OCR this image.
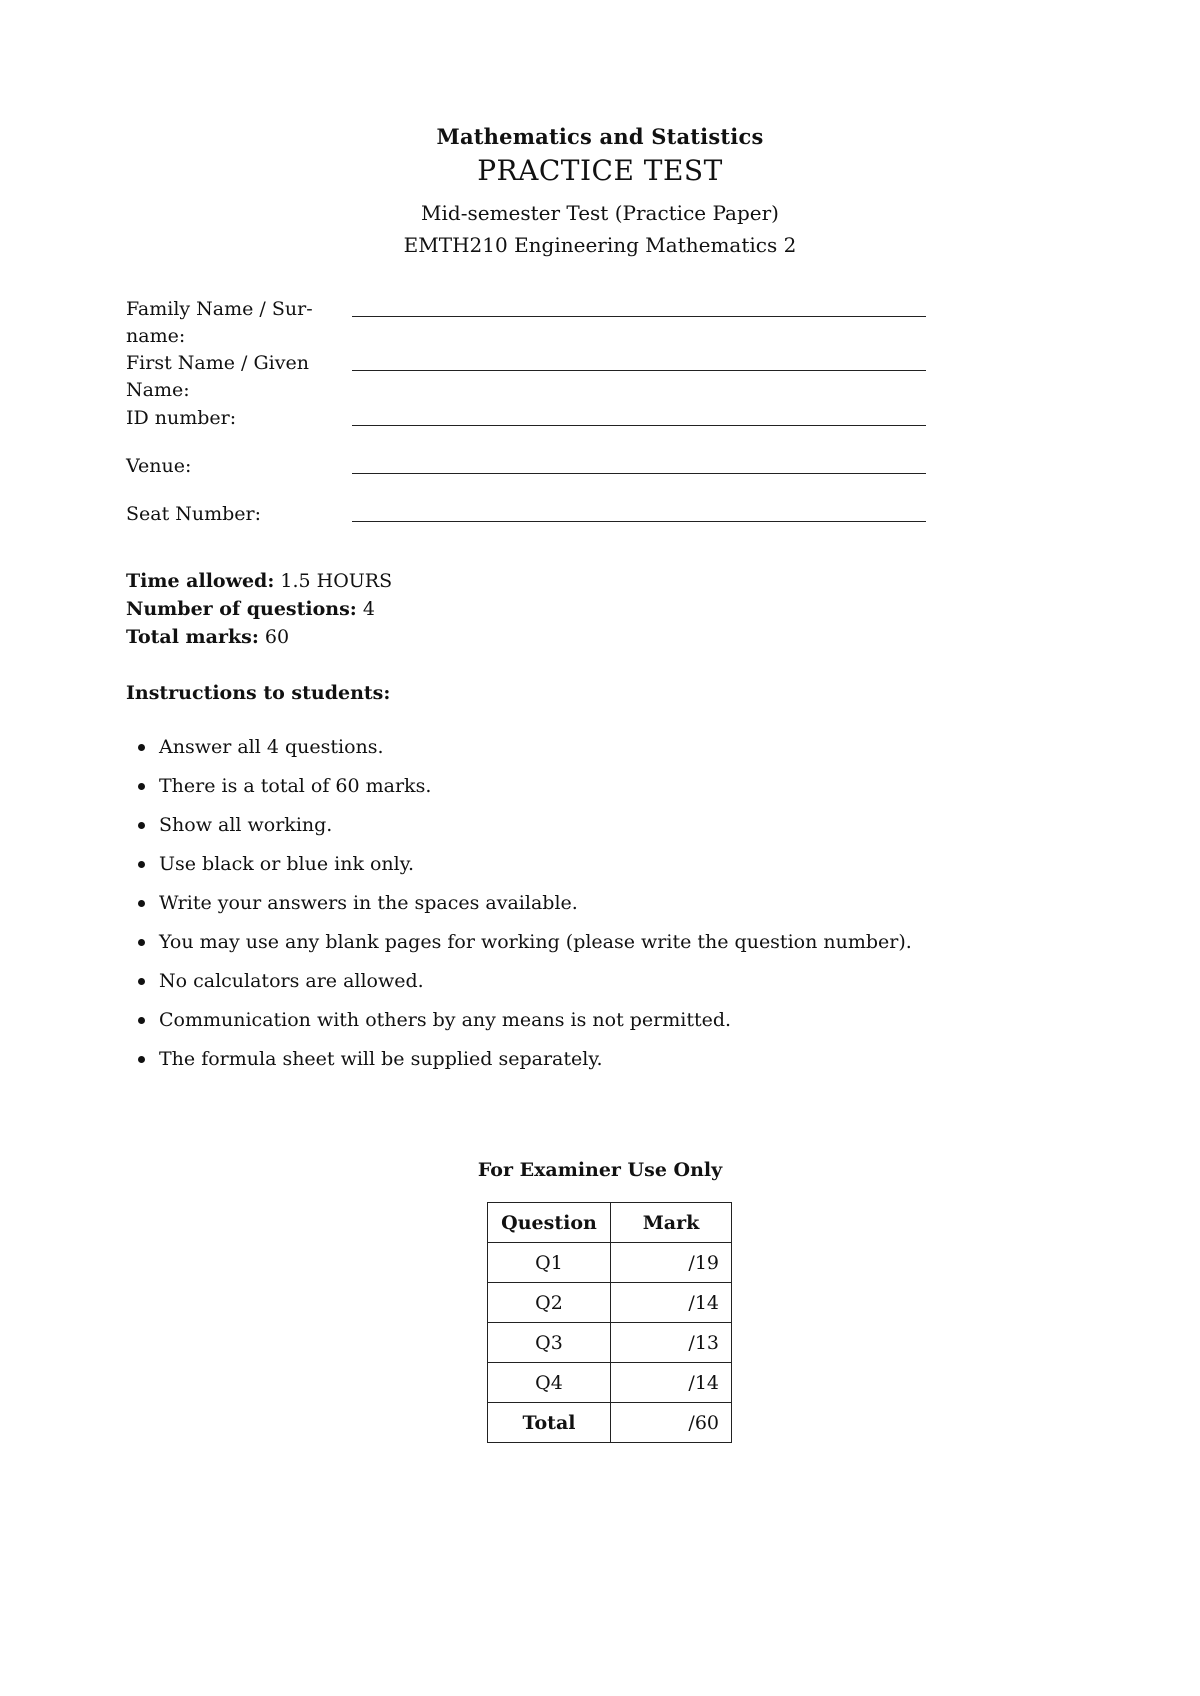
Mathematics and Statistics
PRACTICE TEST
Mid-semester Test (Practice Paper)
EMTH210 Engineering Mathematics 2
Family Name / Sur-
name:
First Name / Given
Name:
ID number:
Venue:
Seat Number:
Time allowed: 1.5 HOURS
Number of questions: 4
Total marks: 60
Instructions to students:
Answer all 4 questions.
There is a total of 60 marks.
Show all working.
Use black or blue ink only.
Write your answers in the spaces available.
You may use any blank pages for working (please write the question number).
No calculators are allowed.
Communication with others by any means is not permitted.
The formula sheet will be supplied separately.
For Examiner Use Only
Question	Mark
Q1	/19
Q2	/14
Q3	/13
Q4	/14
Total	/60
